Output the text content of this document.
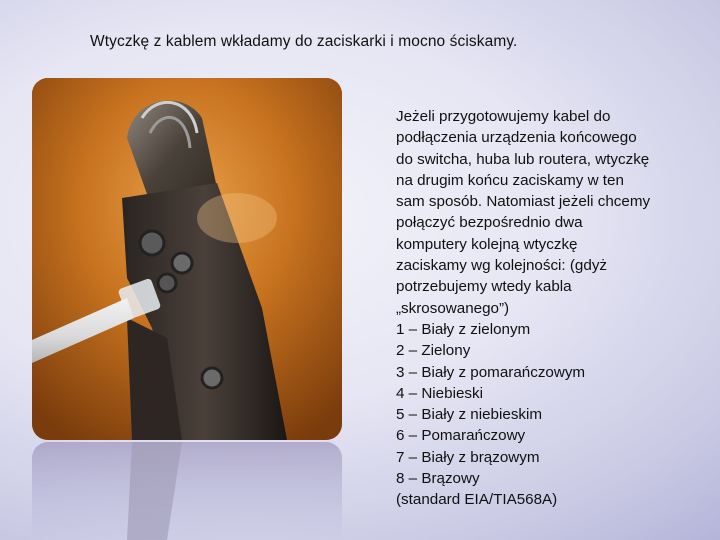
Wtyczkę z kablem wkładamy do zaciskarki i mocno ściskamy.
Jeżeli przygotowujemy kabel do
podłączenia urządzenia końcowego
do switcha, huba lub routera, wtyczkę
na drugim końcu zaciskamy w ten
sam sposób. Natomiast jeżeli chcemy
połączyć bezpośrednio dwa
komputery kolejną wtyczkę
zaciskamy wg kolejności: (gdyż
potrzebujemy wtedy kabla
„skrosowanego”)
1 – Biały z zielonym
2 – Zielony
3 – Biały z pomarańczowym
4 – Niebieski
5 – Biały z niebieskim
6 – Pomarańczowy
7 – Biały z brązowym
8 – Brązowy
(standard EIA/TIA568A)
